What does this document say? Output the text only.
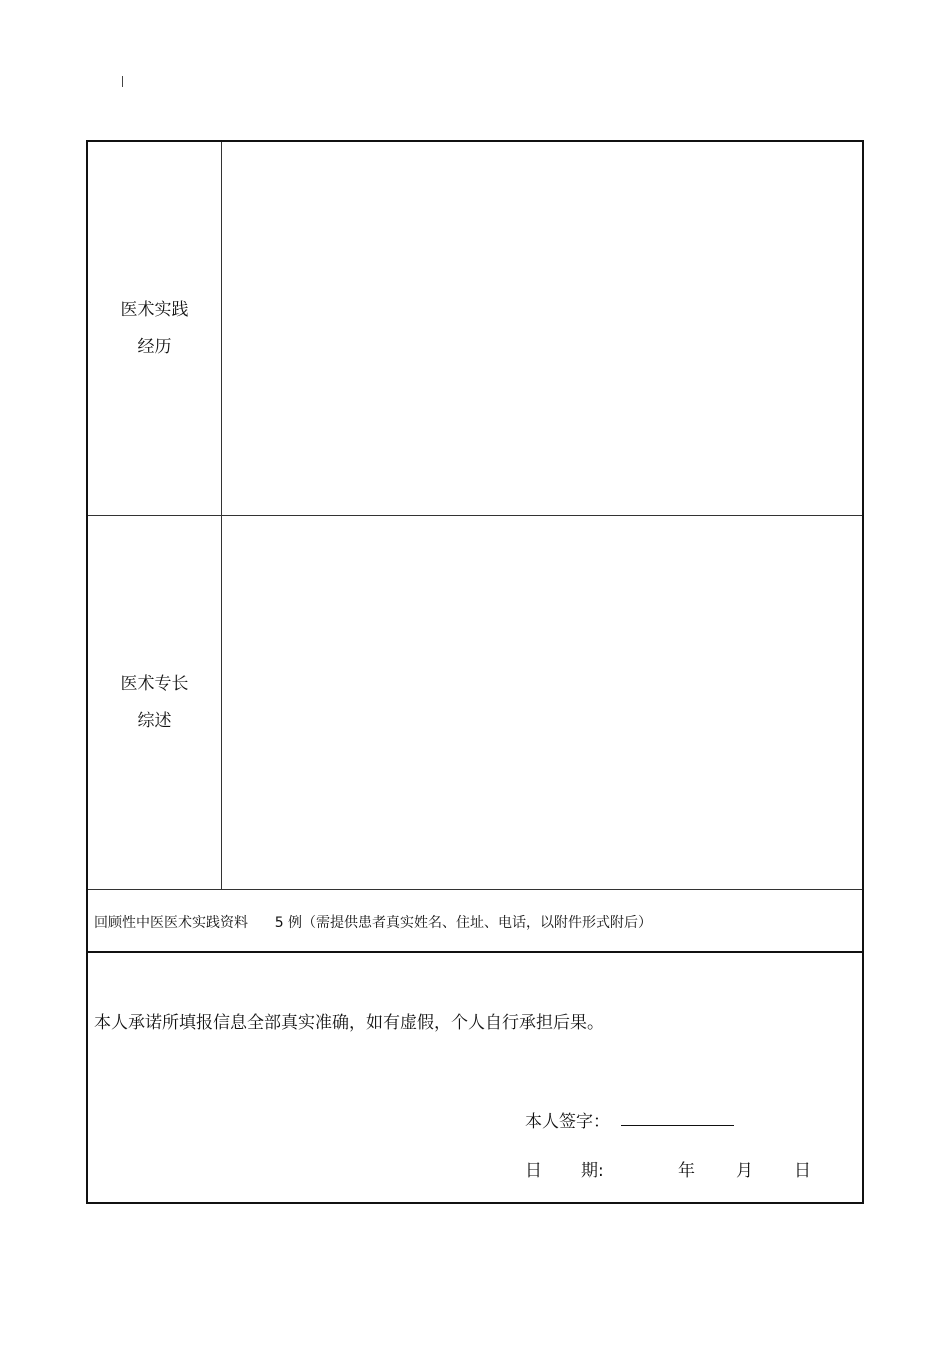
医术实践
经历
医术专长
综述
回顾性中医医术实践资料      5 例（需提供患者真实姓名、住址、电话，以附件形式附后）
本人承诺所填报信息全部真实准确，如有虚假，个人自行承担后果。
本人签字：
日 期:	年 月 日
